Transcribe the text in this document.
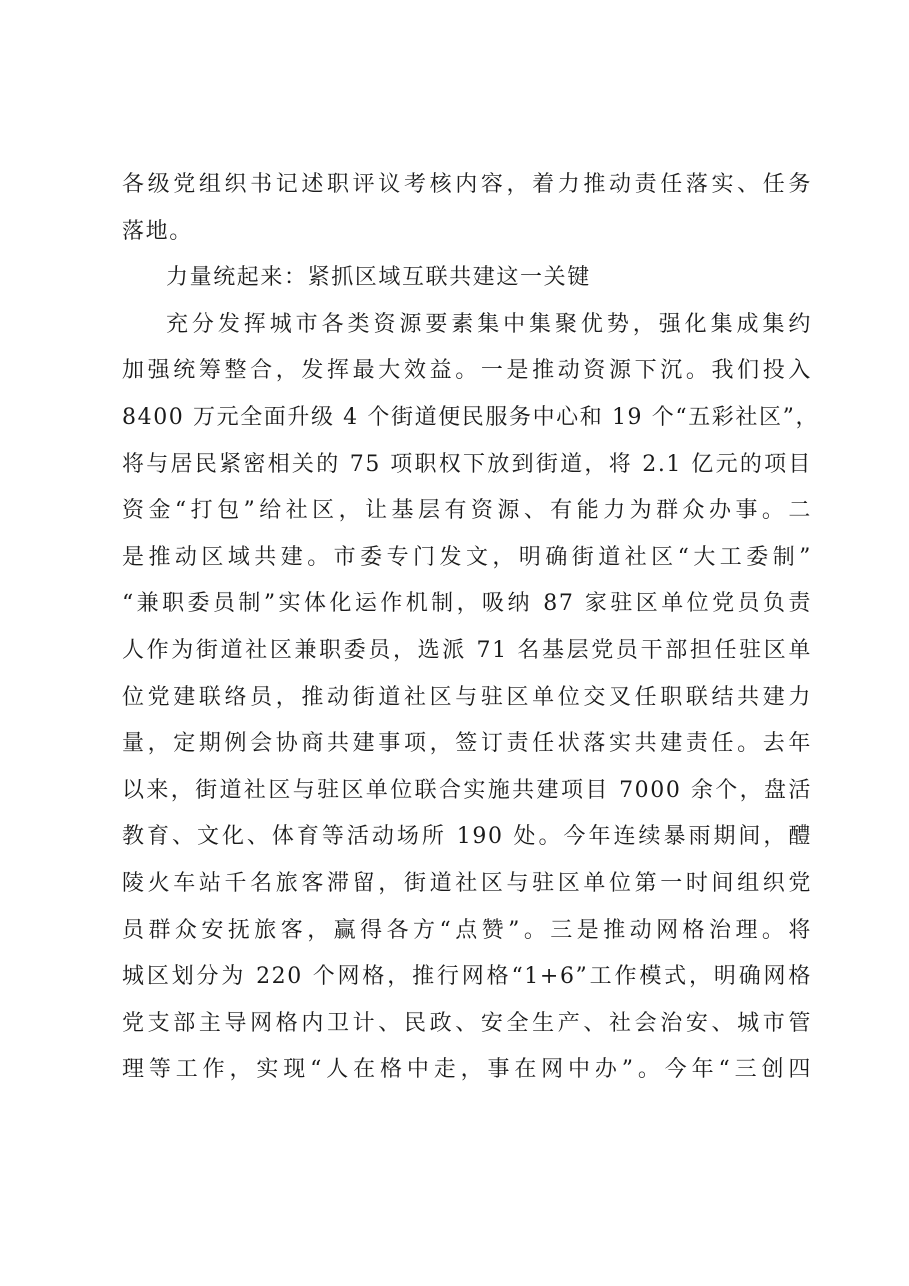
各级党组织书记述职评议考核内容，着力推动责任落实、任务
落地。
力量统起来：紧抓区域互联共建这一关键
充分发挥城市各类资源要素集中集聚优势，强化集成集约
加强统筹整合，发挥最大效益。一是推动资源下沉。我们投入
8400 万元全面升级 4 个街道便民服务中心和 19 个“五彩社区”，
将与居民紧密相关的 75 项职权下放到街道，将 2.1 亿元的项目
资金“打包”给社区，让基层有资源、有能力为群众办事。二
是推动区域共建。市委专门发文，明确街道社区“大工委制”
“兼职委员制”实体化运作机制，吸纳 87 家驻区单位党员负责
人作为街道社区兼职委员，选派 71 名基层党员干部担任驻区单
位党建联络员，推动街道社区与驻区单位交叉任职联结共建力
量，定期例会协商共建事项，签订责任状落实共建责任。去年
以来，街道社区与驻区单位联合实施共建项目 7000 余个，盘活
教育、文化、体育等活动场所 190 处。今年连续暴雨期间，醴
陵火车站千名旅客滞留，街道社区与驻区单位第一时间组织党
员群众安抚旅客，赢得各方“点赞”。三是推动网格治理。将
城区划分为 220 个网格，推行网格“1+6”工作模式，明确网格
党支部主导网格内卫计、民政、安全生产、社会治安、城市管
理等工作，实现“人在格中走，事在网中办”。今年“三创四
